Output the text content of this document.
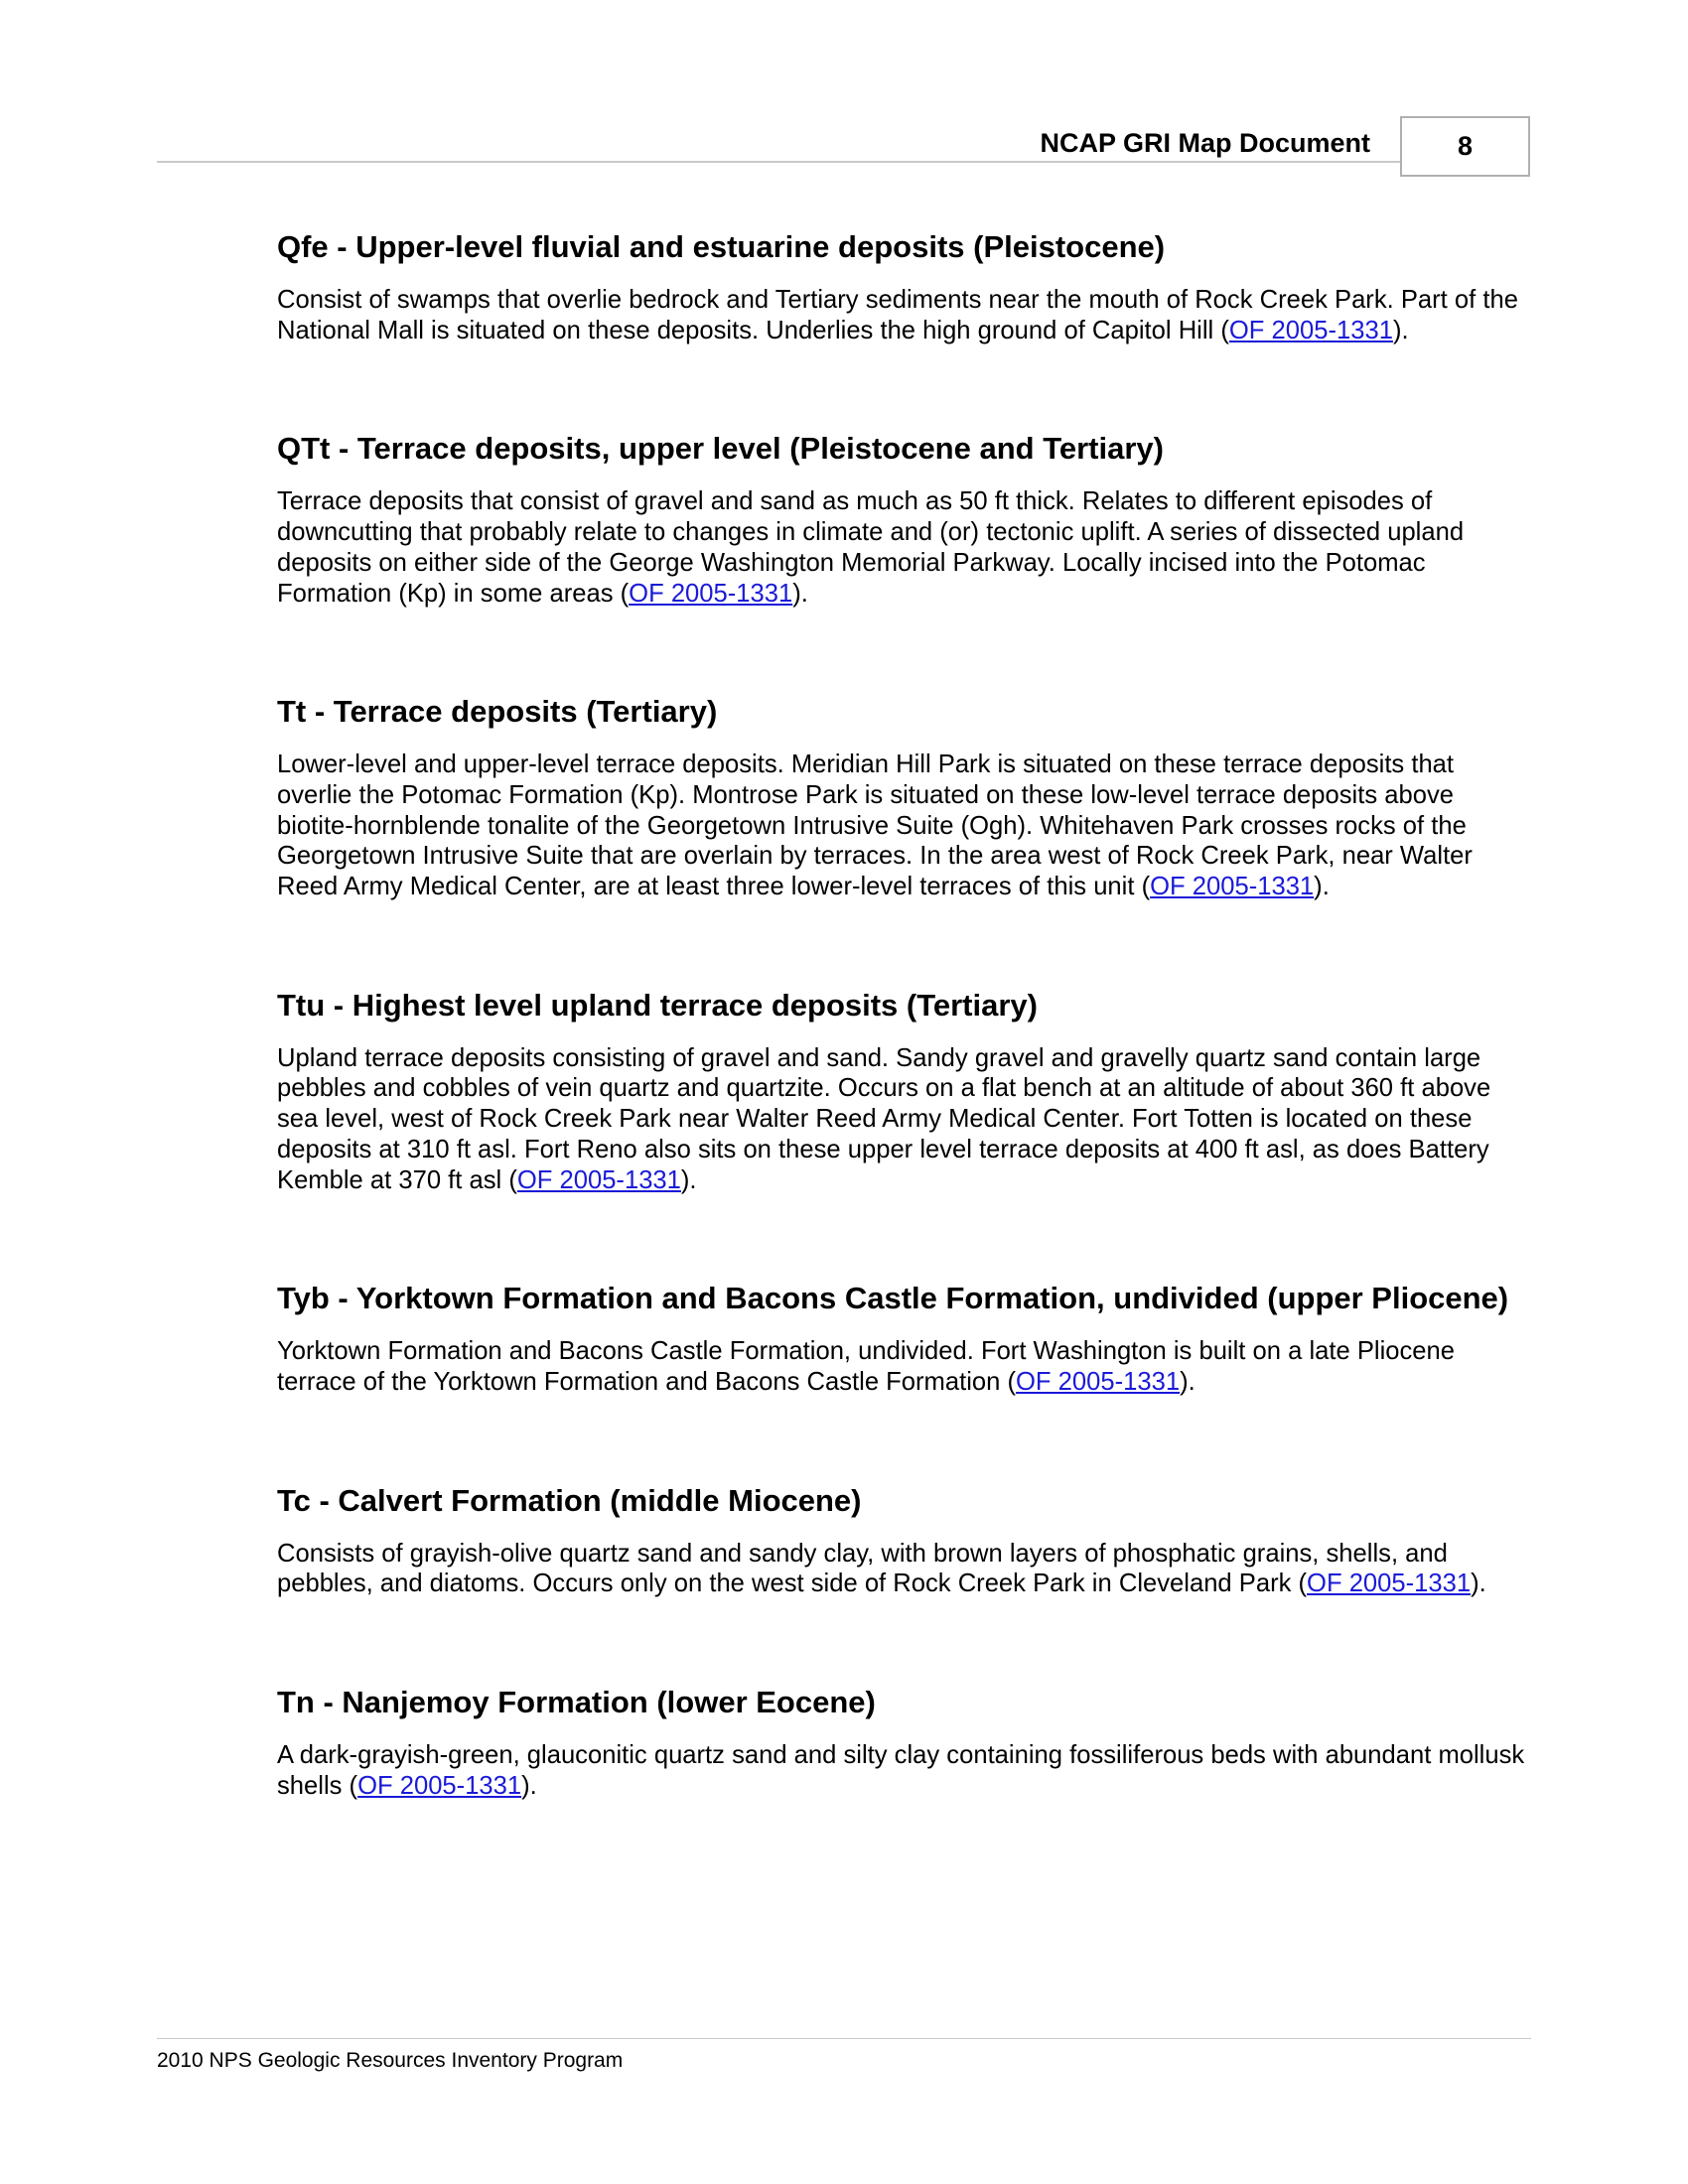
NCAP GRI Map Document	8
Qfe - Upper-level fluvial and estuarine deposits (Pleistocene)

Consist of swamps that overlie bedrock and Tertiary sediments near the mouth of Rock Creek Park. Part of the National Mall is situated on these deposits. Underlies the high ground of Capitol Hill (OF 2005-1331).

QTt - Terrace deposits, upper level (Pleistocene and Tertiary)

Terrace deposits that consist of gravel and sand as much as 50 ft thick. Relates to different episodes of downcutting that probably relate to changes in climate and (or) tectonic uplift. A series of dissected upland deposits on either side of the George Washington Memorial Parkway. Locally incised into the Potomac Formation (Kp) in some areas (OF 2005-1331).

Tt - Terrace deposits (Tertiary)

Lower-level and upper-level terrace deposits. Meridian Hill Park is situated on these terrace deposits that overlie the Potomac Formation (Kp). Montrose Park is situated on these low-level terrace deposits above biotite-hornblende tonalite of the Georgetown Intrusive Suite (Ogh). Whitehaven Park crosses rocks of the Georgetown Intrusive Suite that are overlain by terraces. In the area west of Rock Creek Park, near Walter Reed Army Medical Center, are at least three lower-level terraces of this unit (OF 2005-1331).

Ttu - Highest level upland terrace deposits (Tertiary)

Upland terrace deposits consisting of gravel and sand. Sandy gravel and gravelly quartz sand contain large pebbles and cobbles of vein quartz and quartzite. Occurs on a flat bench at an altitude of about 360 ft above sea level, west of Rock Creek Park near Walter Reed Army Medical Center. Fort Totten is located on these deposits at 310 ft asl. Fort Reno also sits on these upper level terrace deposits at 400 ft asl, as does Battery Kemble at 370 ft asl (OF 2005-1331).

Tyb - Yorktown Formation and Bacons Castle Formation, undivided (upper Pliocene)

Yorktown Formation and Bacons Castle Formation, undivided. Fort Washington is built on a late Pliocene terrace of the Yorktown Formation and Bacons Castle Formation (OF 2005-1331).

Tc - Calvert Formation (middle Miocene)

Consists of grayish-olive quartz sand and sandy clay, with brown layers of phosphatic grains, shells, and pebbles, and diatoms. Occurs only on the west side of Rock Creek Park in Cleveland Park (OF 2005-1331).

Tn - Nanjemoy Formation (lower Eocene)

A dark-grayish-green, glauconitic quartz sand and silty clay containing fossiliferous beds with abundant mollusk shells (OF 2005-1331).

2010 NPS Geologic Resources Inventory Program
